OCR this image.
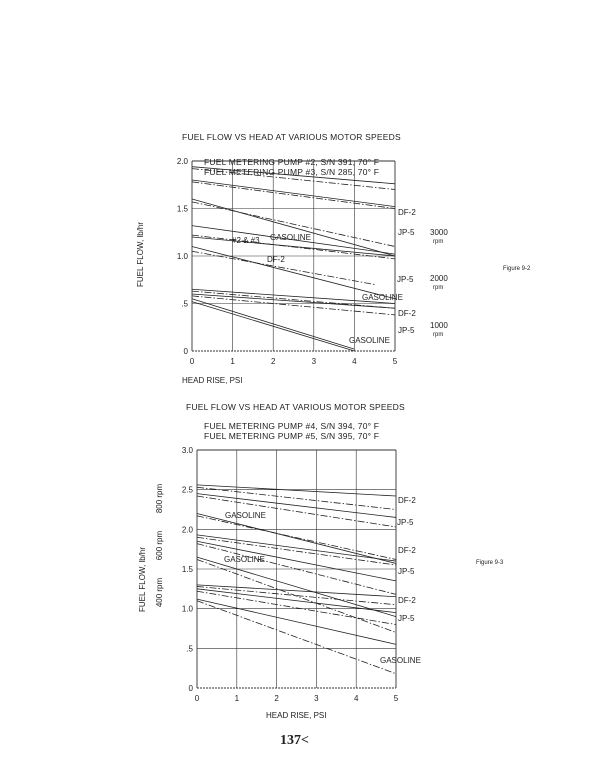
0	1	2	3	4	5
0
.5
1.0
1.5
2.0
0	1	2	3	4	5
0
.5
1.0
1.5
2.0
2.5
3.0
FUEL FLOW VS HEAD AT VARIOUS MOTOR SPEEDS
FUEL METERING PUMP #2, S/N 391, 70° F
FUEL METERING PUMP #3, S/N 285, 70° F
HEAD RISE, PSI
FUEL FLOW, lb/hr	#2 & #3 GASOLINE
DF-2
DF-2
JP-5
JP-5
GASOLINE
DF-2
JP-5
GASOLINE
3000
rpm
2000
rpm
1000
rpm
Figure 9-2
FUEL FLOW VS HEAD AT VARIOUS MOTOR SPEEDS
FUEL METERING PUMP #4, S/N 394, 70° F
FUEL METERING PUMP #5, S/N 395, 70° F
HEAD RISE, PSI
FUEL FLOW, lb/hr 400 rpm
600 rpm
800 rpm
GASOLINE
GASOLINE
DF-2
JP-5
DF-2
JP-5
DF-2
JP-5
GASOLINE
Figure 9-3
137<
